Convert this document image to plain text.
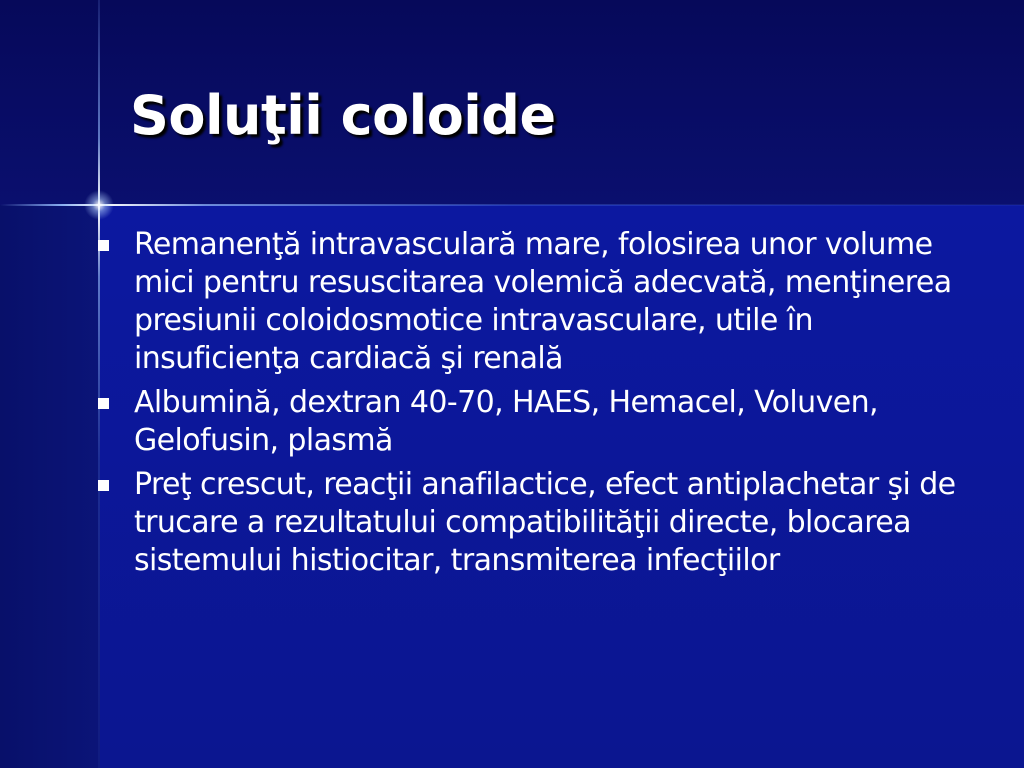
Soluţii coloide
Remanenţă intravasculară mare, folosirea unor volume mici pentru resuscitarea volemică adecvată, menţinerea presiunii coloidosmotice intravasculare, utile în insuficienţa cardiacă şi renală
Albumină, dextran 40-70, HAES, Hemacel, Voluven, Gelofusin, plasmă
Preţ crescut, reacţii anafilactice, efect antiplachetar şi de trucare a rezultatului compatibilităţii directe, blocarea sistemului histiocitar, transmiterea infecţiilor
